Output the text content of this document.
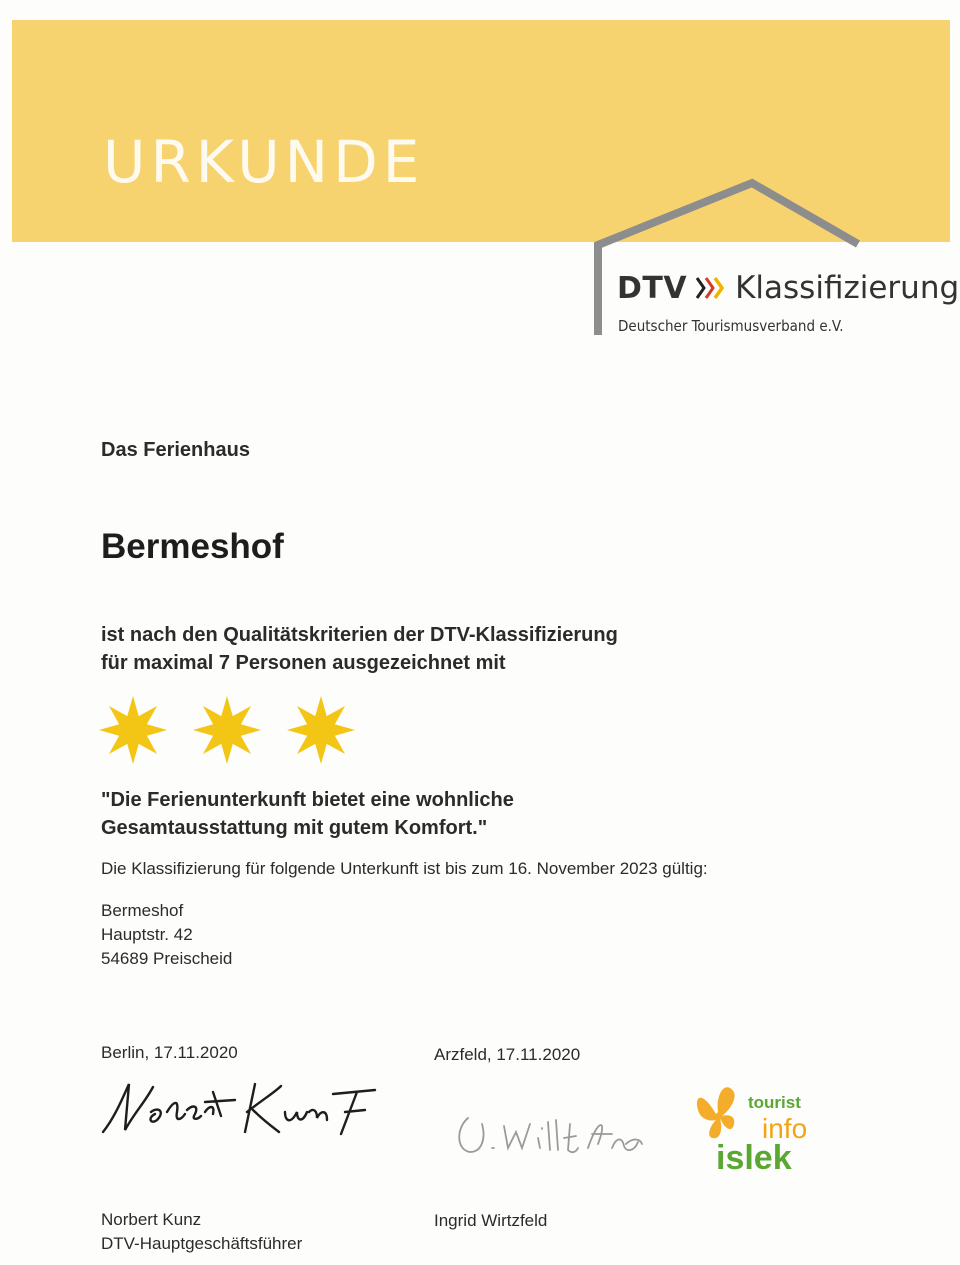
URKUNDE
DTV Klassifizierung
Deutscher Tourismusverband e.V.

Das Ferienhaus

Bermeshof

ist nach den Qualitätskriterien der DTV-Klassifizierung
für maximal 7 Personen ausgezeichnet mit
"Die Ferienunterkunft bietet eine wohnliche
Gesamtausstattung mit gutem Komfort."

Die Klassifizierung für folgende Unterkunft ist bis zum 16. November 2023 gültig:

Bermeshof
Hauptstr. 42
54689 Preischeid

Berlin, 17.11.2020	Arzfeld, 17.11.2020

Norbert Kunz
DTV-Hauptgeschäftsführer

Ingrid Wirtzfeld

tourist
info
islek
